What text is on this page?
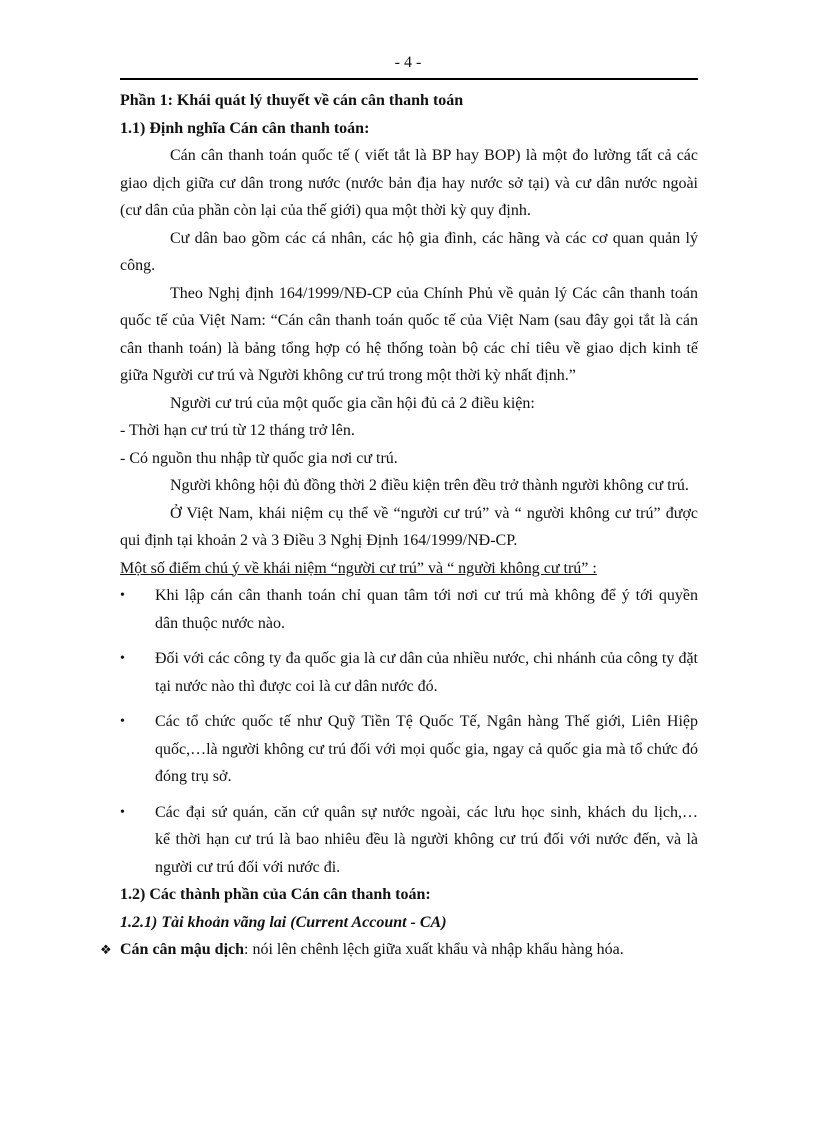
- 4 -
Phần 1: Khái quát lý thuyết về cán cân thanh toán
1.1) Định nghĩa Cán cân thanh toán:
Cán cân thanh toán quốc tế ( viết tắt là BP hay BOP) là một đo lường tất cả các
giao dịch giữa cư dân trong nước (nước bản địa hay nước sở tại) và cư dân nước ngoài
(cư dân của phần còn lại của thế giới) qua một thời kỳ quy định.
Cư dân bao gồm các cá nhân, các hộ gia đình, các hãng và các cơ quan quản lý
công.
Theo Nghị định 164/1999/NĐ-CP của Chính Phủ về quản lý Các cân thanh toán
quốc tế của Việt Nam: “Cán cân thanh toán quốc tế của Việt Nam (sau đây gọi tắt là cán
cân thanh toán) là bảng tổng hợp có hệ thống toàn bộ các chỉ tiêu về giao dịch kinh tế
giữa Người cư trú và Người không cư trú trong một thời kỳ nhất định.”
Người cư trú của một quốc gia cần hội đủ cả 2 điều kiện:
- Thời hạn cư trú từ 12 tháng trở lên.
- Có nguồn thu nhập từ quốc gia nơi cư trú.
Người không hội đủ đồng thời 2 điều kiện trên đều trở thành người không cư trú.
Ở Việt Nam, khái niệm cụ thể về “người cư trú” và “ người không cư trú” được
qui định tại khoản 2 và 3 Điều 3 Nghị Định 164/1999/NĐ-CP.
Một số điểm chú ý về khái niệm “người cư trú” và “ người không cư trú” :
•	Khi lập cán cân thanh toán chỉ quan tâm tới nơi cư trú mà không để ý tới quyền
dân thuộc nước nào.
•	Đối với các công ty đa quốc gia là cư dân của nhiều nước, chi nhánh của công ty đặt
tại nước nào thì được coi là cư dân nước đó.
•	Các tổ chức quốc tế như Quỹ Tiền Tệ Quốc Tế, Ngân hàng Thế giới, Liên Hiệp
quốc,…là người không cư trú đối với mọi quốc gia, ngay cả quốc gia mà tổ chức đó
đóng trụ sở.
•	Các đại sứ quán, căn cứ quân sự nước ngoài, các lưu học sinh, khách du lịch,…
kể thời hạn cư trú là bao nhiêu đều là người không cư trú đối với nước đến, và là
người cư trú đối với nước đi.
1.2) Các thành phần của Cán cân thanh toán:
1.2.1) Tài khoản vãng lai (Current Account - CA)
❖ Cán cân mậu dịch: nói lên chênh lệch giữa xuất khẩu và nhập khẩu hàng hóa.
